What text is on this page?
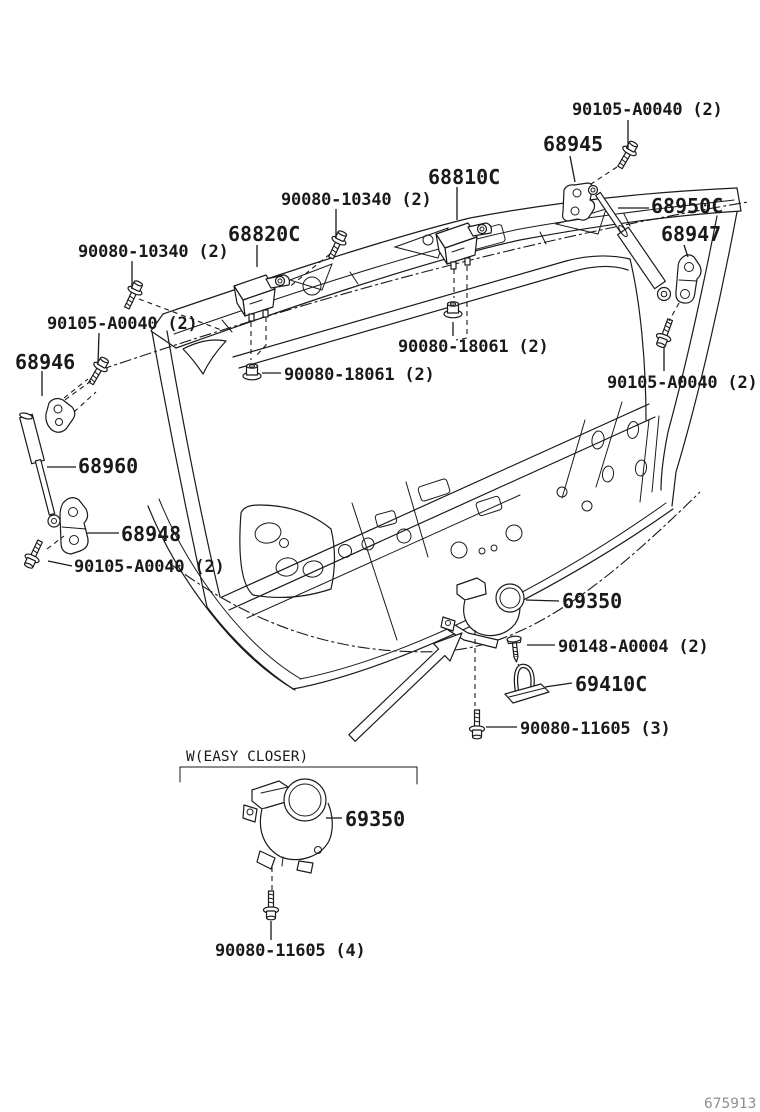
90105-A0040 (2)
68945
90080-10340 (2)
68810C
68820C
68950C
68947
90080-10340 (2)
90105-A0040 (2)
68946
90080-18061 (2)
90080-18061 (2)	90105-A0040 (2)
68960
68948
90105-A0040 (2)
69350
90148-A0004 (2)
69410C
90080-11605 (3)
W(EASY CLOSER)
69350
90080-11605 (4)
675913
